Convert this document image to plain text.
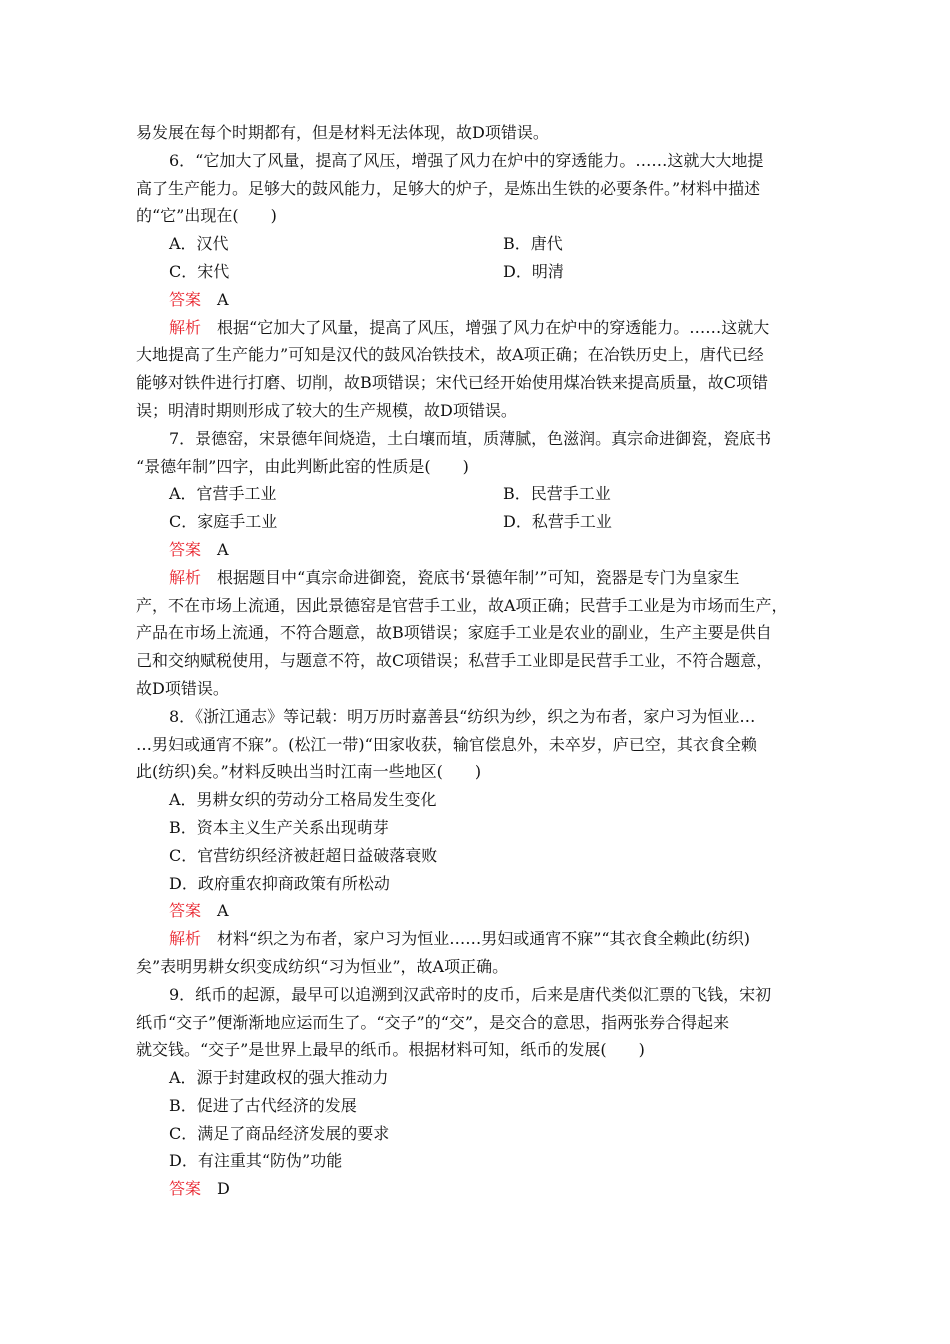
易发展在每个时期都有，但是材料无法体现，故D项错误。
6．“它加大了风量，提高了风压，增强了风力在炉中的穿透能力。……这就大大地提
高了生产能力。足够大的鼓风能力，足够大的炉子，是炼出生铁的必要条件。”材料中描述
的“它”出现在(　　)
A．汉代	B．唐代
C．宋代	D．明清
答案 A
解析 根据“它加大了风量，提高了风压，增强了风力在炉中的穿透能力。……这就大
大地提高了生产能力”可知是汉代的鼓风冶铁技术，故A项正确；在冶铁历史上，唐代已经
能够对铁件进行打磨、切削，故B项错误；宋代已经开始使用煤冶铁来提高质量，故C项错
误；明清时期则形成了较大的生产规模，故D项错误。
7．景德窑，宋景德年间烧造，土白壤而埴，质薄腻，色滋润。真宗命进御瓷，瓷底书
“景德年制”四字，由此判断此窑的性质是(　　)
A．官营手工业	B．民营手工业
C．家庭手工业	D．私营手工业
答案 A
解析 根据题目中“真宗命进御瓷，瓷底书‘景德年制’”可知，瓷器是专门为皇家生
产，不在市场上流通，因此景德窑是官营手工业，故A项正确；民营手工业是为市场而生产，
产品在市场上流通，不符合题意，故B项错误；家庭手工业是农业的副业，生产主要是供自
己和交纳赋税使用，与题意不符，故C项错误；私营手工业即是民营手工业，不符合题意，
故D项错误。
8．《浙江通志》等记载：明万历时嘉善县“纺织为纱，织之为布者，家户习为恒业…
…男妇或通宵不寐”。(松江一带)“田家收获，输官偿息外，未卒岁，庐已空，其衣食全赖
此(纺织)矣。”材料反映出当时江南一些地区(　　)
A．男耕女织的劳动分工格局发生变化
B．资本主义生产关系出现萌芽
C．官营纺织经济被赶超日益破落衰败
D．政府重农抑商政策有所松动
答案 A
解析 材料“织之为布者，家户习为恒业……男妇或通宵不寐”“其衣食全赖此(纺织)
矣”表明男耕女织变成纺织“习为恒业”，故A项正确。
9．纸币的起源，最早可以追溯到汉武帝时的皮币，后来是唐代类似汇票的飞钱，宋初
纸币“交子”便渐渐地应运而生了。“交子”的“交”，是交合的意思，指两张券合得起来
就交钱。“交子”是世界上最早的纸币。根据材料可知，纸币的发展(　　)
A．源于封建政权的强大推动力
B．促进了古代经济的发展
C．满足了商品经济发展的要求
D．有注重其“防伪”功能
答案 D
